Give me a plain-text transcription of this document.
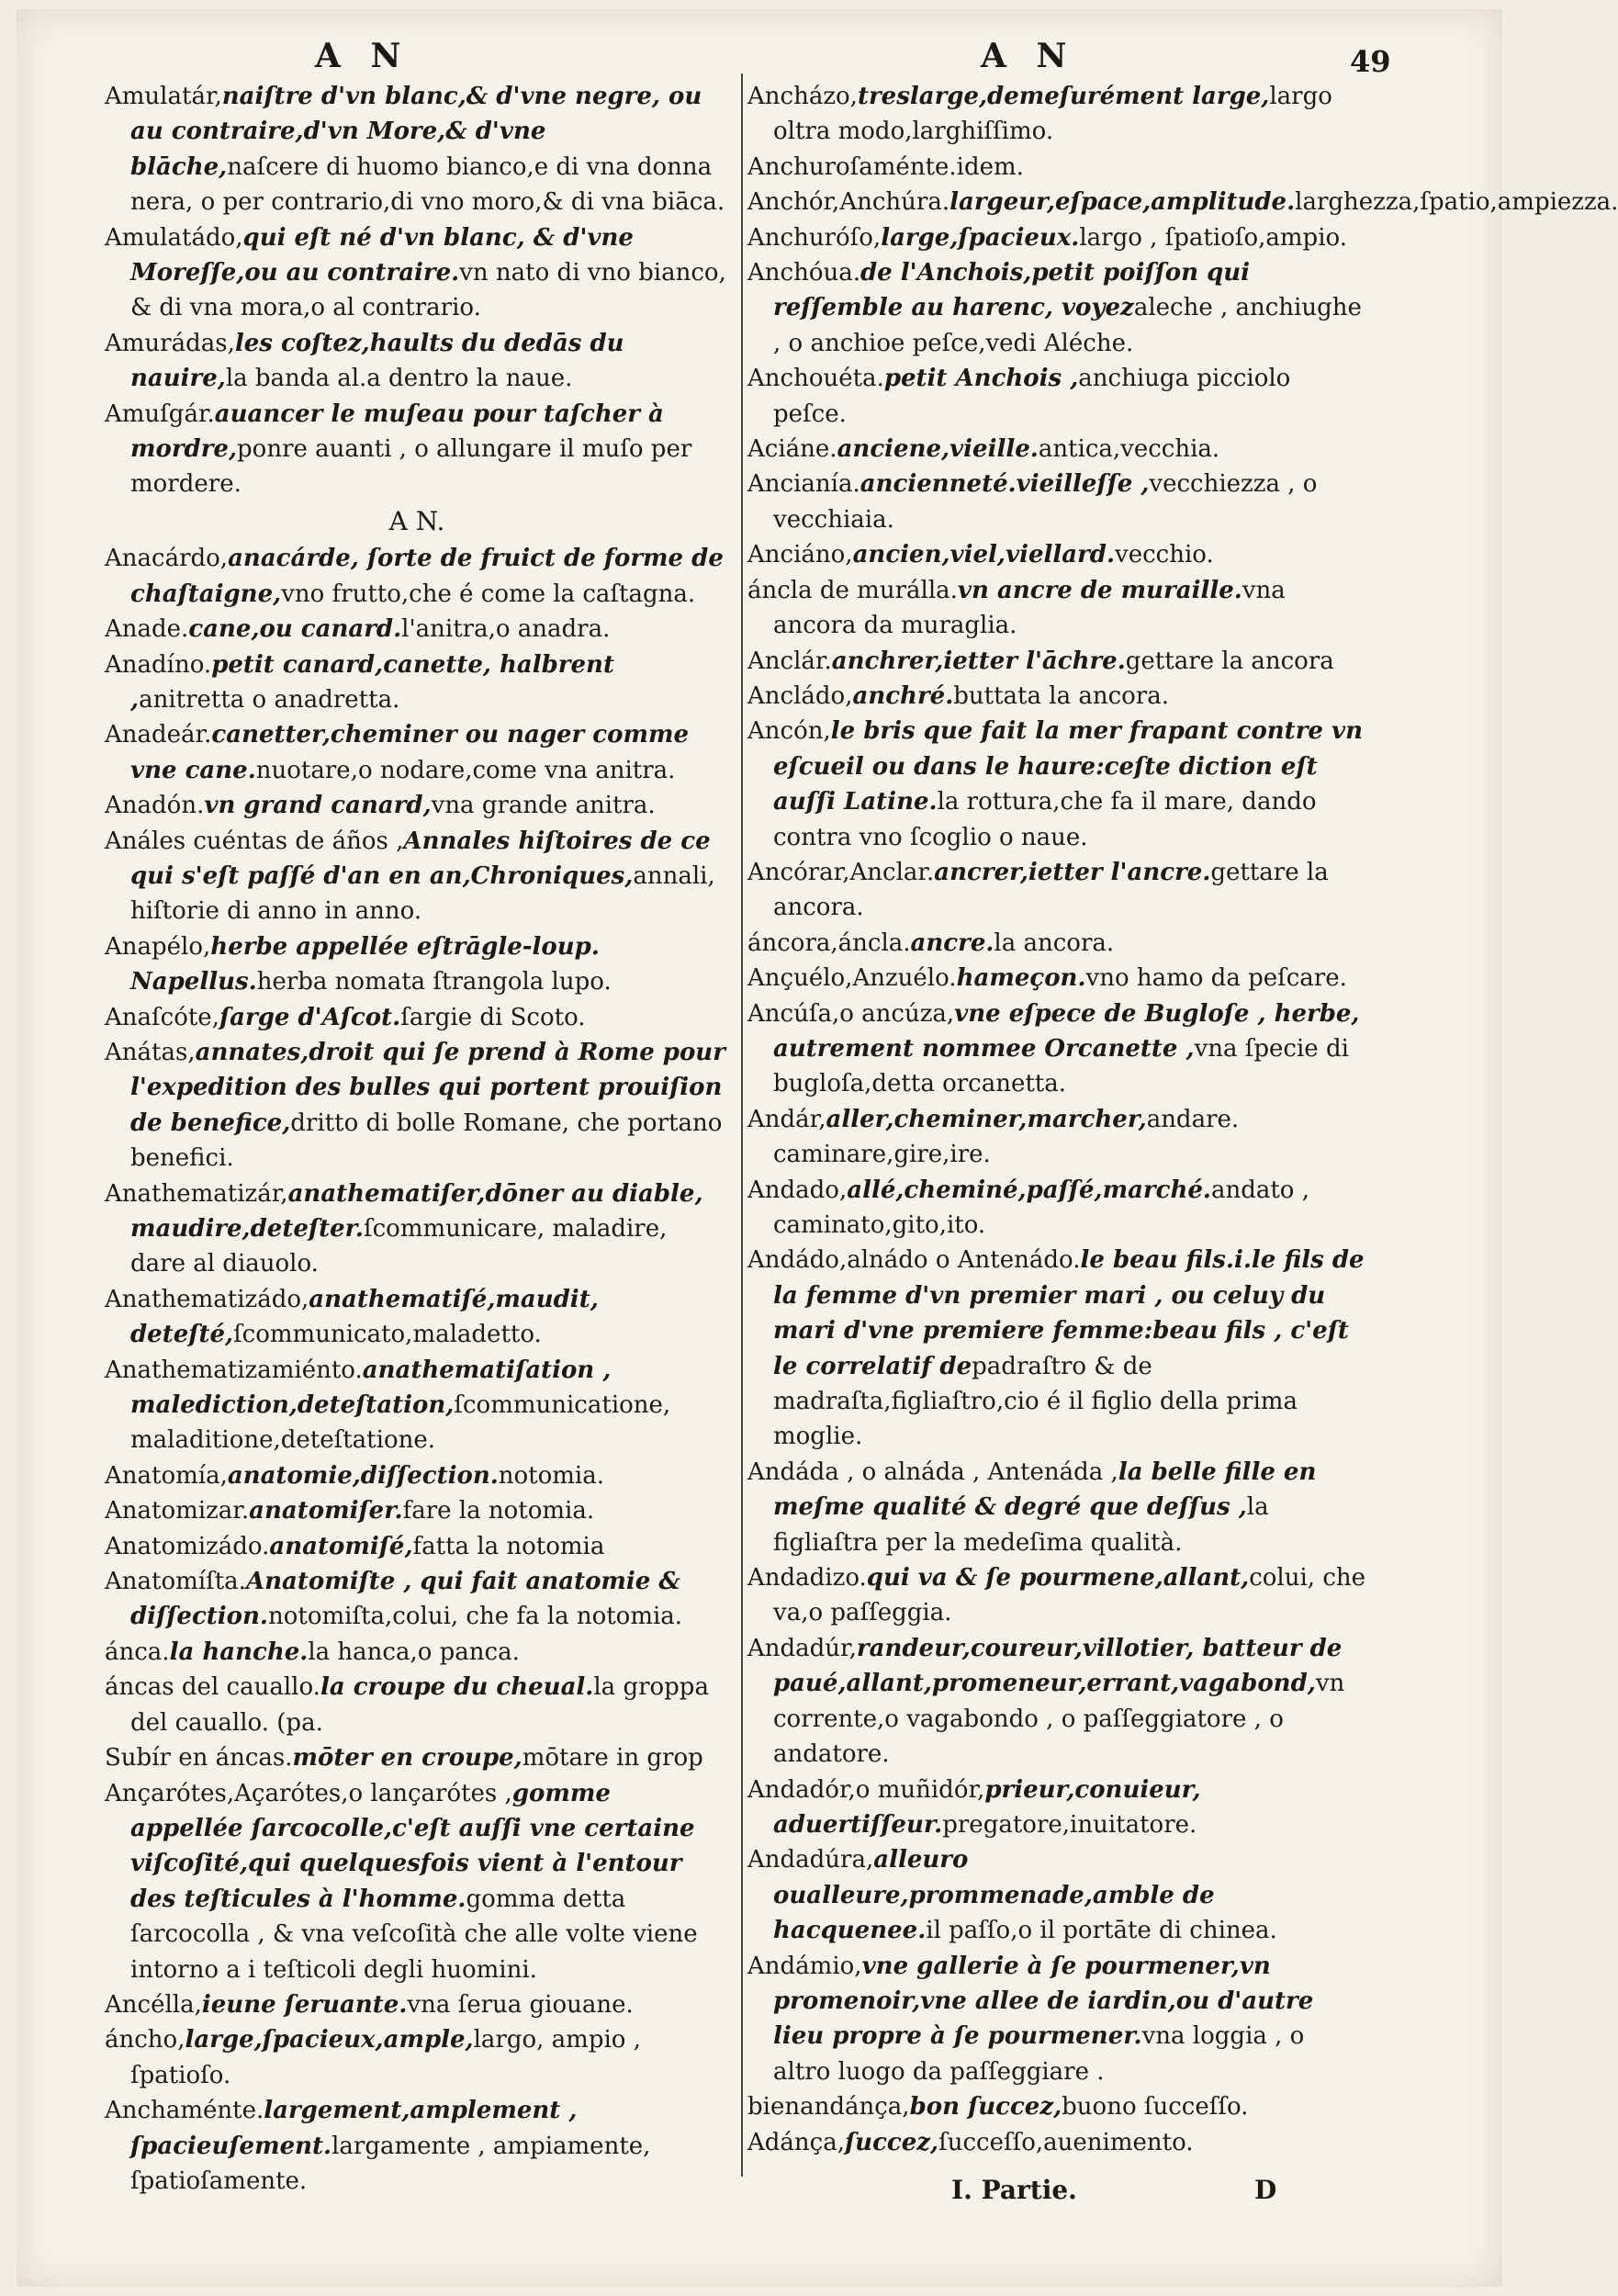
A N	A N	49

Amulatár,naiſtre d'vn blanc,& d'vne negre, ou au contraire,d'vn More,& d'vne blāche,naſcere di huomo bianco,e di vna donna nera, o per contrario,di vno moro,& di vna biāca.

Amulatádo,qui eſt né d'vn blanc, & d'vne Moreſſe,ou au contraire.vn nato di vno bianco, & di vna mora,o al contrario.

Amurádas,les coſtez,haults du dedās du nauire,la banda al.a dentro la naue.

Amuſgár.auancer le muſeau pour taſcher à mordre,ponre auanti , o allungare il muſo per mordere.

A N.

Anacárdo,anacárde, ſorte de fruict de forme de chaſtaigne,vno frutto,che é come la caſtagna.

Anade.cane,ou canard.l'anitra,o anadra.

Anadíno.petit canard,canette, halbrent ,anitretta o anadretta.

Anadeár.canetter,cheminer ou nager comme vne cane.nuotare,o nodare,come vna anitra.

Anadón.vn grand canard,vna grande anitra.

Análes cuéntas de áños ,Annales hiſtoires de ce qui s'eſt paſſé d'an en an,Chroniques,annali, hiſtorie di anno in anno.

Anapélo,herbe appellée eſtrāgle-loup. Napellus.herba nomata ſtrangola lupo.

Anaſcóte,ſarge d'Aſcot.ſargie di Scoto.

Anátas,annates,droit qui ſe prend à Rome pour l'expedition des bulles qui portent prouiſion de benefice,dritto di bolle Romane, che portano benefici.

Anathematizár,anathematiſer,dōner au diable, maudire,deteſter.ſcommunicare, maladire, dare al diauolo.

Anathematizádo,anathematiſé,maudit, deteſté,ſcommunicato,maladetto.

Anathematizamiénto.anathematiſation , malediction,deteſtation,ſcommunicatione, maladitione,deteſtatione.

Anatomía,anatomie,diſſection.notomia.

Anatomizar.anatomiſer.fare la notomia.

Anatomizádo.anatomiſé,fatta la notomia

Anatomíſta.Anatomiſte , qui fait anatomie & diſſection.notomiſta,colui, che fa la notomia.

ánca.la hanche.la hanca,o panca.

áncas del cauallo.la croupe du cheual.la groppa del cauallo. (pa.

Subír en áncas.mōter en croupe,mōtare in grop

Ançarótes,Açarótes,o lançarótes ,gomme appellée ſarcocolle,c'eſt auſſi vne certaine viſcoſité,qui quelquesfois vient à l'entour des teſticules à l'homme.gomma detta ſarcocolla , & vna veſcoſità che alle volte viene intorno a i teſticoli degli huomini.

Ancélla,ieune ſeruante.vna ſerua giouane.

áncho,large,ſpacieux,ample,largo, ampio , ſpatioſo.

Anchaménte.largement,amplement , ſpacieuſement.largamente , ampiamente, ſpatioſamente.

Ancházo,treslarge,demeſurément large,largo oltra modo,larghiſſimo.

Anchuroſaménte.idem.

Anchór,Anchúra.largeur,eſpace,amplitude.larghezza,ſpatio,ampiezza.

Anchuróſo,large,ſpacieux.largo , ſpatioſo,ampio.

Anchóua.de l'Anchois,petit poiſſon qui reſſemble au harenc, voyezaleche , anchiughe , o anchioe peſce,vedi Aléche.

Anchouéta.petit Anchois ,anchiuga picciolo peſce.

Aciáne.anciene,vieille.antica,vecchia.

Ancianía.ancienneté.vieilleſſe ,vecchiezza , o vecchiaia.

Anciáno,ancien,viel,viellard.vecchio.

áncla de murálla.vn ancre de muraille.vna ancora da muraglia.

Anclár.anchrer,ietter l'āchre.gettare la ancora

Ancládo,anchré.buttata la ancora.

Ancón,le bris que fait la mer frapant contre vn eſcueil ou dans le haure:ceſte diction eſt auſſi Latine.la rottura,che fa il mare, dando contra vno ſcoglio o naue.

Ancórar,Anclar.ancrer,ietter l'ancre.gettare la ancora.

áncora,áncla.ancre.la ancora.

Ançuélo,Anzuélo.hameçon.vno hamo da peſcare.

Ancúſa,o ancúza,vne eſpece de Bugloſe , herbe, autrement nommee Orcanette ,vna ſpecie di bugloſa,detta orcanetta.

Andár,aller,cheminer,marcher,andare. caminare,gire,ire.

Andado,allé,cheminé,paſſé,marché.andato , caminato,gito,ito.

Andádo,alnádo o Antenádo.le beau fils.i.le fils de la femme d'vn premier mari , ou celuy du mari d'vne premiere femme:beau fils , c'eſt le correlatif depadraſtro & de madraſta,figliaſtro,cio é il figlio della prima moglie.

Andáda , o alnáda , Antenáda ,la belle fille en meſme qualité & degré que deſſus ,la figliaſtra per la medeſima qualità.

Andadizo.qui va & ſe pourmene,allant,colui, che va,o paſſeggia.

Andadúr,randeur,coureur,villotier, batteur de paué,allant,promeneur,errant,vagabond,vn corrente,o vagabondo , o paſſeggiatore , o andatore.

Andadór,o muñidór,prieur,conuieur, aduertiſſeur.pregatore,inuitatore.

Andadúra,alleuro oualleure,prommenade,amble de hacquenee.il paſſo,o il portāte di chinea.

Andámio,vne gallerie à ſe pourmener,vn promenoir,vne allee de iardin,ou d'autre lieu propre à ſe pourmener.vna loggia , o altro luogo da paſſeggiare .

bienandánça,bon ſuccez,buono ſucceſſo.

Adánça,ſuccez,ſucceſſo,auenimento.

I. Partie.	D
